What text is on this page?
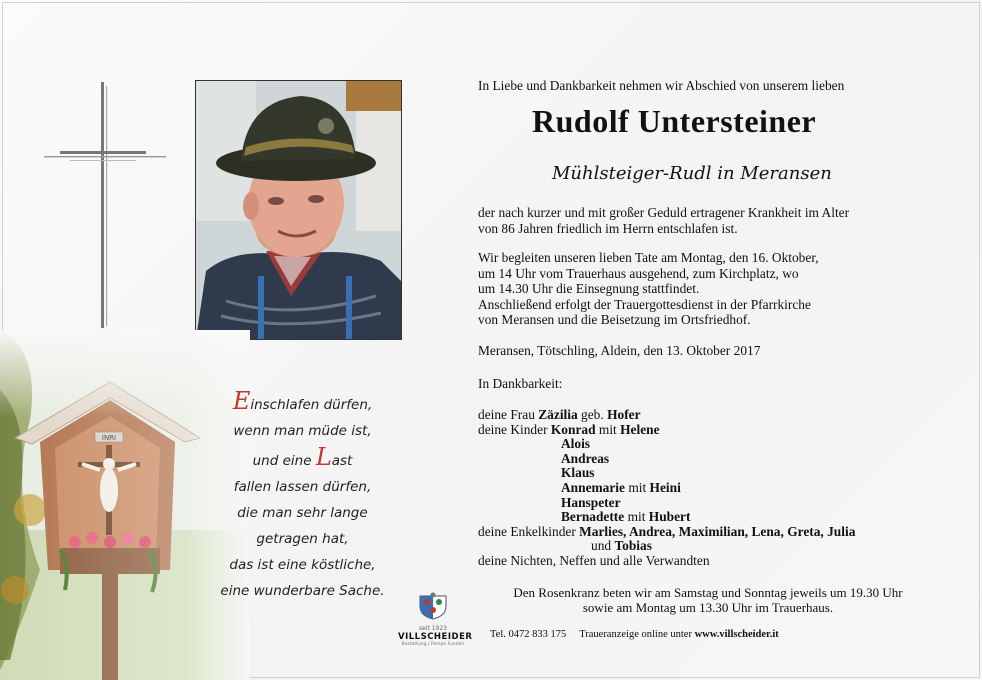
Einschlafen dürfen,
wenn man müde ist,
und eine Last
fallen lassen dürfen,
die man sehr lange
getragen hat,
das ist eine köstliche,
eine wunderbare Sache.
In Liebe und Dankbarkeit nehmen wir Abschied von unserem lieben
Rudolf Untersteiner
Mühlsteiger-Rudl in Meransen
der nach kurzer und mit großer Geduld ertragener Krankheit im Alter
von 86 Jahren friedlich im Herrn entschlafen ist.
Wir begleiten unseren lieben Tate am Montag, den 16. Oktober,
um 14 Uhr vom Trauerhaus ausgehend, zum Kirchplatz, wo
um 14.30 Uhr die Einsegnung stattfindet.
Anschließend erfolgt der Trauergottesdienst in der Pfarrkirche
von Meransen und die Beisetzung im Ortsfriedhof.
Meransen, Tötschling, Aldein, den 13. Oktober 2017
In Dankbarkeit:
deine Frau Zäzilia geb. Hofer
deine Kinder Konrad mit Helene
Alois
Andreas
Klaus
Annemarie mit Heini
Hanspeter
Bernadette mit Hubert
deine Enkelkinder Marlies, Andrea, Maximilian, Lena, Greta, Julia
und Tobias
deine Nichten, Neffen und alle Verwandten
Den Rosenkranz beten wir am Samstag und Sonntag jeweils um 19.30 Uhr
sowie am Montag um 13.30 Uhr im Trauerhaus.
seit 1923
VILLSCHEIDER
Bestattung | Pompe Funebri
Tel. 0472 833 175 Traueranzeige online unter www.villscheider.it
